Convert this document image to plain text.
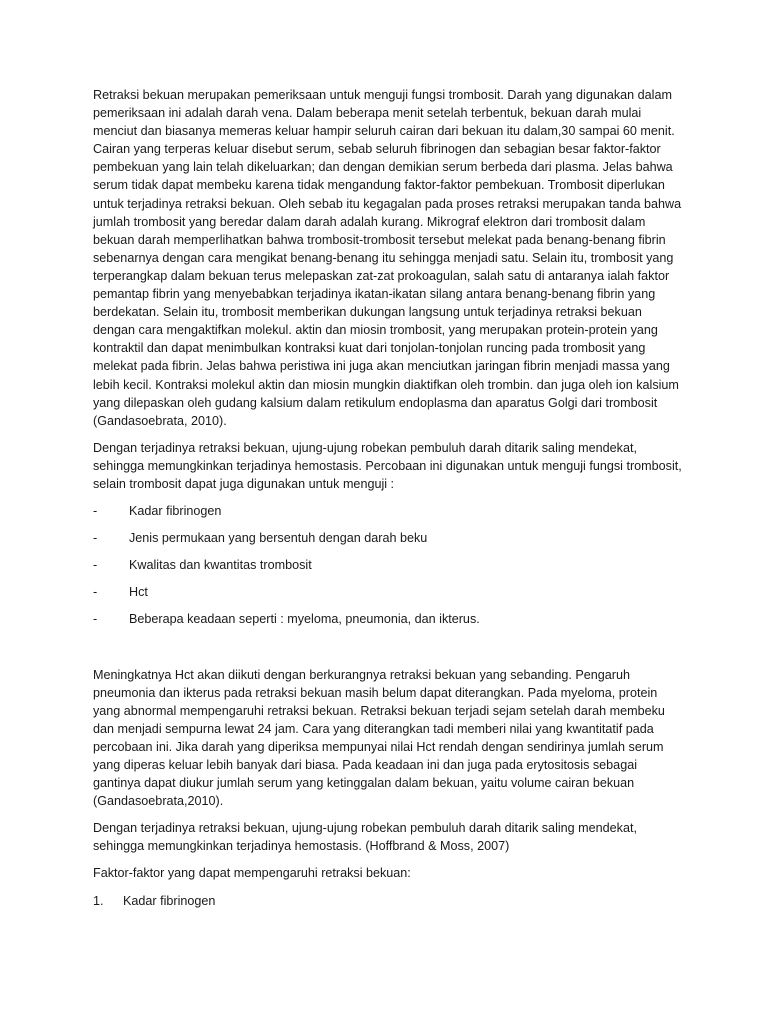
Retraksi bekuan merupakan pemeriksaan untuk menguji fungsi trombosit. Darah yang digunakan dalam pemeriksaan ini adalah darah vena. Dalam beberapa menit setelah terbentuk, bekuan darah mulai menciut dan biasanya memeras keluar hampir seluruh cairan dari bekuan itu dalam,30 sampai 60 menit. Cairan yang terperas keluar disebut serum, sebab seluruh fibrinogen dan sebagian besar faktor-faktor pembekuan yang lain telah dikeluarkan; dan dengan demikian serum berbeda dari plasma. Jelas bahwa serum tidak dapat membeku karena tidak mengandung faktor-faktor pembekuan. Trombosit diperlukan untuk terjadinya retraksi bekuan. Oleh sebab itu kegagalan pada proses retraksi merupakan tanda bahwa jumlah trombosit yang beredar dalam darah adalah kurang. Mikrograf elektron dari trombosit dalam bekuan darah memperlihatkan bahwa trombosit-trombosit tersebut melekat pada benang-benang fibrin sebenarnya dengan cara mengikat benang-benang itu sehingga menjadi satu. Selain itu, trombosit yang terperangkap dalam bekuan terus melepaskan zat-zat prokoagulan, salah satu di antaranya ialah faktor pemantap fibrin yang menyebabkan terjadinya ikatan-ikatan silang antara benang-benang fibrin yang berdekatan. Selain itu, trombosit memberikan dukungan langsung untuk terjadinya retraksi bekuan dengan cara mengaktifkan molekul. aktin dan miosin trombosit, yang merupakan protein-protein yang kontraktil dan dapat menimbulkan kontraksi kuat dari tonjolan-tonjolan runcing pada trombosit yang melekat pada fibrin. Jelas bahwa peristiwa ini juga akan menciutkan jaringan fibrin menjadi massa yang lebih kecil. Kontraksi molekul aktin dan miosin mungkin diaktifkan oleh trombin. dan juga oleh ion kalsium yang dilepaskan oleh gudang kalsium dalam retikulum endoplasma dan aparatus Golgi dari trombosit (Gandasoebrata, 2010).

Dengan terjadinya retraksi bekuan, ujung-ujung robekan pembuluh darah ditarik saling mendekat, sehingga memungkinkan terjadinya hemostasis. Percobaan ini digunakan untuk menguji fungsi trombosit, selain trombosit dapat juga digunakan untuk menguji :

-	Kadar fibrinogen
-	Jenis permukaan yang bersentuh dengan darah beku
-	Kwalitas dan kwantitas trombosit
-	Hct
-	Beberapa keadaan seperti : myeloma, pneumonia, dan ikterus.

Meningkatnya Hct akan diikuti dengan berkurangnya retraksi bekuan yang sebanding. Pengaruh pneumonia dan ikterus pada retraksi bekuan masih belum dapat diterangkan. Pada myeloma, protein yang abnormal mempengaruhi retraksi bekuan. Retraksi bekuan terjadi sejam setelah darah membeku dan menjadi sempurna lewat 24 jam. Cara yang diterangkan tadi memberi nilai yang kwantitatif pada percobaan ini. Jika darah yang diperiksa mempunyai nilai Hct rendah dengan sendirinya jumlah serum yang diperas keluar lebih banyak dari biasa. Pada keadaan ini dan juga pada erytositosis sebagai gantinya dapat diukur jumlah serum yang ketinggalan dalam bekuan, yaitu volume cairan bekuan (Gandasoebrata,2010).

Dengan terjadinya retraksi bekuan, ujung-ujung robekan pembuluh darah ditarik saling mendekat, sehingga memungkinkan terjadinya hemostasis. (Hoffbrand & Moss, 2007)

Faktor-faktor yang dapat mempengaruhi retraksi bekuan:

1.	Kadar fibrinogen
